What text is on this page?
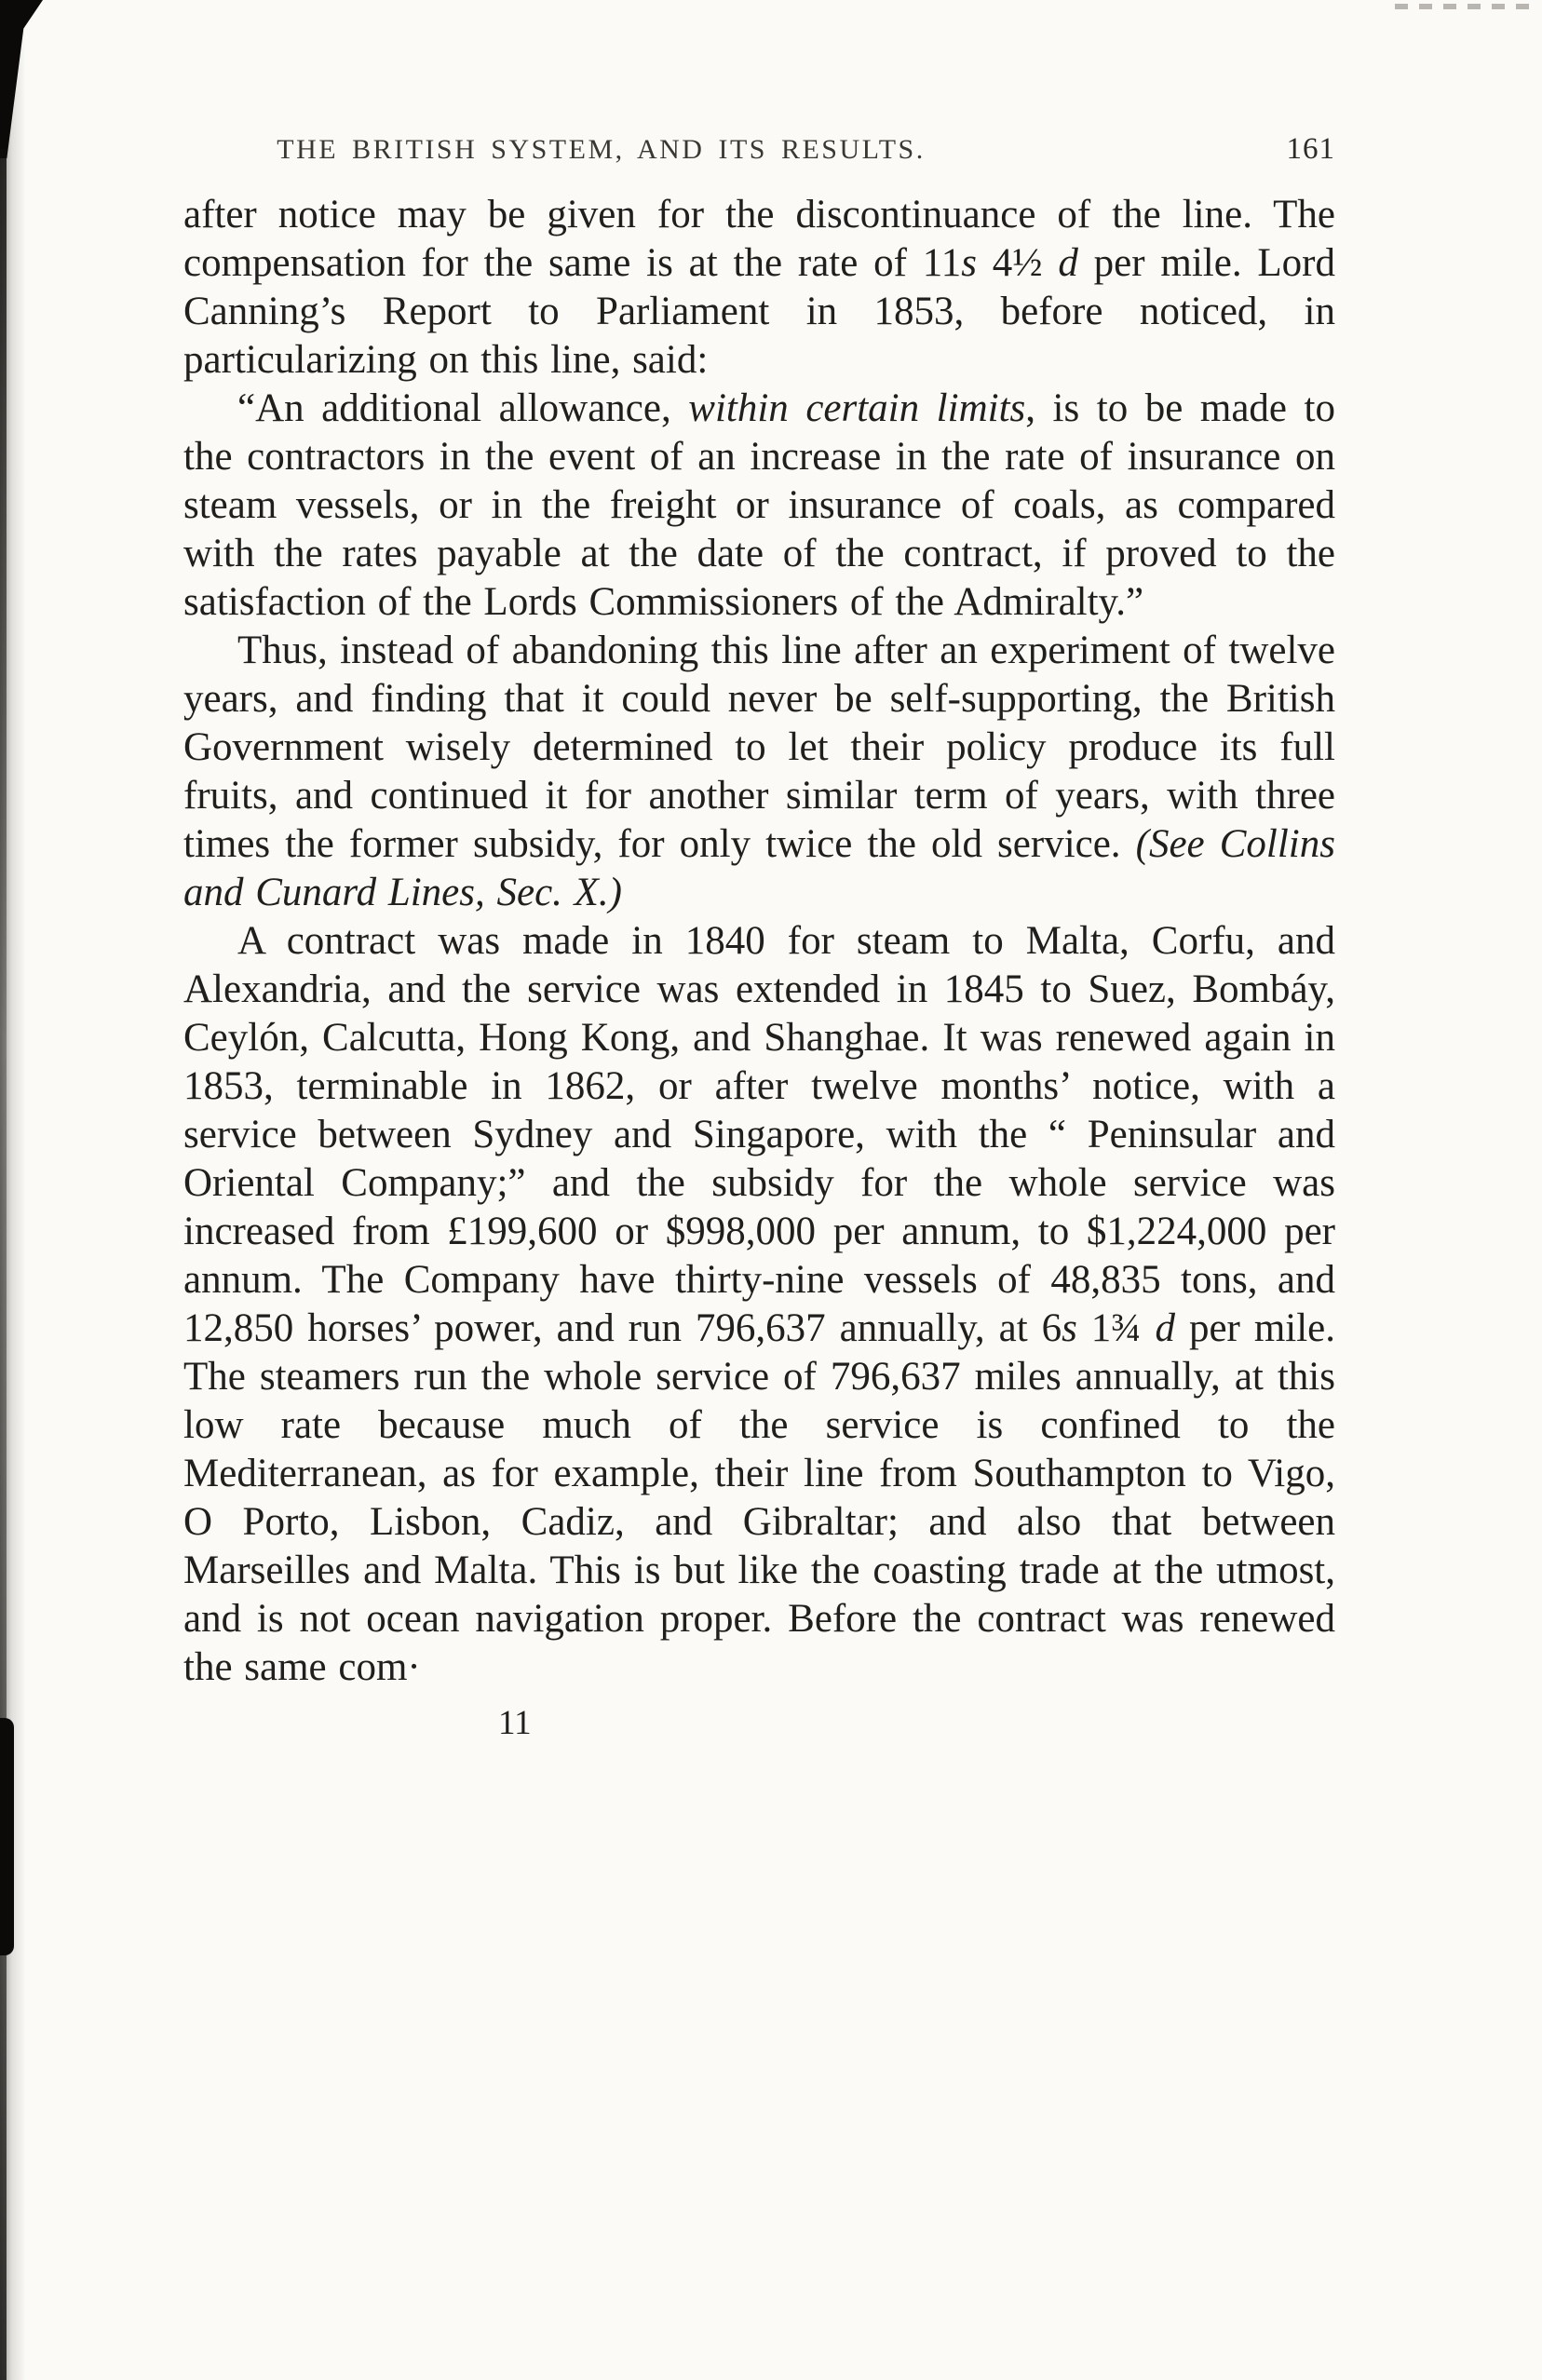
THE BRITISH SYSTEM, AND ITS RESULTS.	161

after notice may be given for the discontinuance of the line. The compensation for the same is at the rate of 11s 4½ d per mile. Lord Canning’s Report to Parliament in 1853, before noticed, in particularizing on this line, said:

“An additional allowance, within certain limits, is to be made to the contractors in the event of an increase in the rate of insurance on steam vessels, or in the freight or insurance of coals, as compared with the rates payable at the date of the contract, if proved to the satisfaction of the Lords Commissioners of the Admiralty.”

Thus, instead of abandoning this line after an experiment of twelve years, and finding that it could never be self-supporting, the British Government wisely determined to let their policy produce its full fruits, and continued it for another similar term of years, with three times the former subsidy, for only twice the old service. (See Collins and Cunard Lines, Sec. X.)

A contract was made in 1840 for steam to Malta, Corfu, and Alexandria, and the service was extended in 1845 to Suez, Bombáy, Ceylón, Calcutta, Hong Kong, and Shanghae. It was renewed again in 1853, terminable in 1862, or after twelve months’ notice, with a service between Sydney and Singapore, with the “ Peninsular and Oriental Company;” and the subsidy for the whole service was increased from £199,600 or $998,000 per annum, to $1,224,000 per annum. The Company have thirty-nine vessels of 48,835 tons, and 12,850 horses’ power, and run 796,637 annually, at 6s 1¾ d per mile. The steamers run the whole service of 796,637 miles annually, at this low rate because much of the service is confined to the Mediterranean, as for example, their line from Southampton to Vigo, O Porto, Lisbon, Cadiz, and Gibraltar; and also that between Marseilles and Malta. This is but like the coasting trade at the utmost, and is not ocean navigation proper. Before the contract was renewed the same com·

11
